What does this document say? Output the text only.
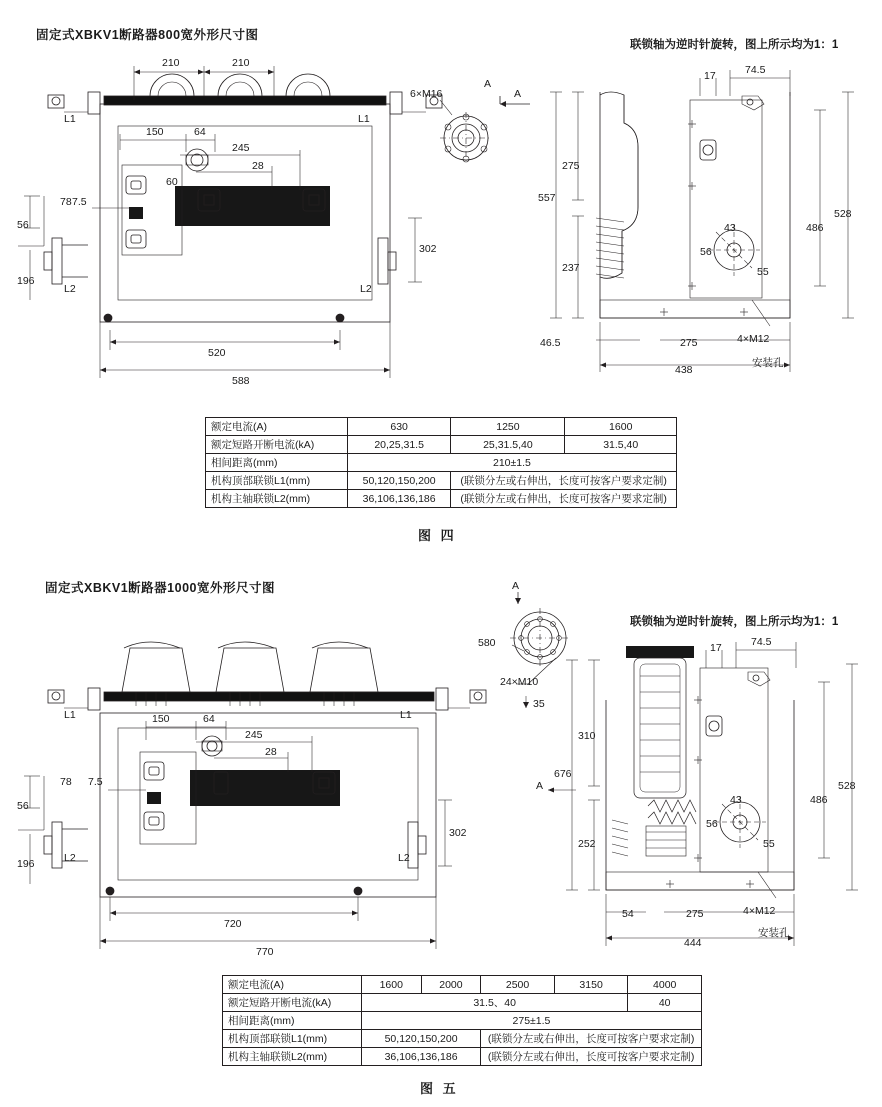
固定式XBKV1断路器800宽外形尺寸图
联锁轴为逆时针旋转，图上所示均为1：1
210	210
150	64
245
28
60
7.5
78
56
196
302
520
588
L1	L1
L2	L2
6×M16
A
A
557
275
237
46.5	275
438
17	74.5
486
528
43
56
55
4×M12
安装孔
额定电流(A)	630	1250	1600
额定短路开断电流(kA)	20,25,31.5	25,31.5,40	31.5,40
相间距离(mm)	210±1.5		
机构顶部联锁L1(mm)	50,120,150,200	(联锁分左或右伸出，长度可按客户要求定制)	
机构主轴联锁L2(mm)	36,106,136,186	(联锁分左或右伸出，长度可按客户要求定制)	
图 四
固定式XBKV1断路器1000宽外形尺寸图
联锁轴为逆时针旋转，图上所示均为1：1
150	64
245
28
7.5
78
56
196
302
720
770
L1	L1
L2	L2
A
580
24×M10
35
676
310
252
54	275
444
17	74.5
486
528
43
56
55
A
4×M12
安装孔
额定电流(A)	1600	2000	2500	3150	4000
额定短路开断电流(kA)	31.5、40				40
相间距离(mm)	275±1.5				
机构顶部联锁L1(mm)	50,120,150,200		(联锁分左或右伸出，长度可按客户要求定制)		
机构主轴联锁L2(mm)	36,106,136,186		(联锁分左或右伸出，长度可按客户要求定制)		
图 五
